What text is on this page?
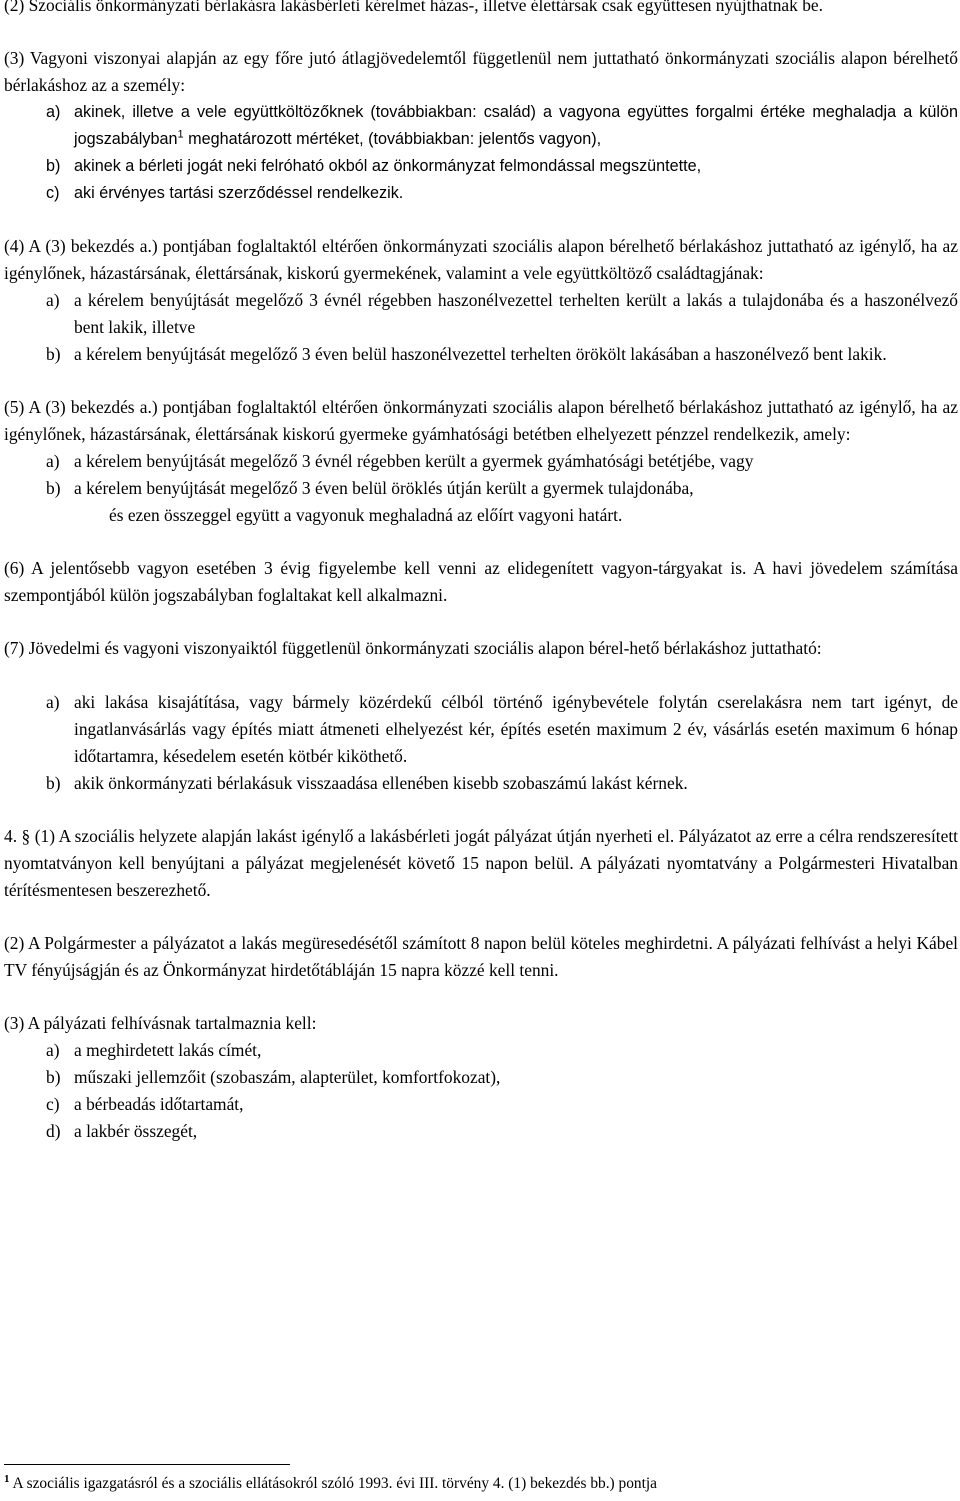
(2) Szociális önkormányzati bérlakásra lakásbérleti kérelmet házas-, illetve élettársak csak együttesen nyújthatnak be.

(3) Vagyoni viszonyai alapján az egy főre jutó átlagjövedelemtől függetlenül nem juttatható önkormányzati szociális alapon bérelhető bérlakáshoz az a személy:

a) akinek, illetve a vele együttköltözőknek (továbbiakban: család) a vagyona együttes forgalmi értéke meghaladja a külön jogszabályban$^1$ meghatározott mértéket, (továbbiakban: jelentős vagyon),
b) akinek a bérleti jogát neki felróható okból az önkormányzat felmondással megszüntette,
c) aki érvényes tartási szerződéssel rendelkezik.

(4) A (3) bekezdés a.) pontjában foglaltaktól eltérően önkormányzati szociális alapon bérelhető bérlakáshoz juttatható az igénylő, ha az igénylőnek, házastársának, élettársának, kiskorú gyermekének, valamint a vele együttköltöző családtagjának:

a) a kérelem benyújtását megelőző 3 évnél régebben haszonélvezettel terhelten került a lakás a tulajdonába és a haszonélvező bent lakik, illetve
b) a kérelem benyújtását megelőző 3 éven belül haszonélvezettel terhelten örökölt lakásában a haszonélvező bent lakik.

(5) A (3) bekezdés a.) pontjában foglaltaktól eltérően önkormányzati szociális alapon bérelhető bérlakáshoz juttatható az igénylő, ha az igénylőnek, házastársának, élettársának kiskorú gyermeke gyámhatósági betétben elhelyezett pénzzel rendelkezik, amely:

a) a kérelem benyújtását megelőző 3 évnél régebben került a gyermek gyámhatósági betétjébe, vagy
b) a kérelem benyújtását megelőző 3 éven belül öröklés útján került a gyermek tulajdonába,

és ezen összeggel együtt a vagyonuk meghaladná az előírt vagyoni határt.

(6) A jelentősebb vagyon esetében 3 évig figyelembe kell venni az elidegenített vagyon-tárgyakat is. A havi jövedelem számítása szempontjából külön jogszabályban foglaltakat kell alkalmazni.

(7) Jövedelmi és vagyoni viszonyaiktól függetlenül önkormányzati szociális alapon bérel-hető bérlakáshoz juttatható:

a) aki lakása kisajátítása, vagy bármely közérdekű célból történő igénybevétele folytán cserelakásra nem tart igényt, de ingatlanvásárlás vagy építés miatt átmeneti elhelyezést kér, építés esetén maximum 2 év, vásárlás esetén maximum 6 hónap időtartamra, késedelem esetén kötbér kiköthető.
b) akik önkormányzati bérlakásuk visszaadása ellenében kisebb szobaszámú lakást kérnek.

4. § (1) A szociális helyzete alapján lakást igénylő a lakásbérleti jogát pályázat útján nyerheti el. Pályázatot az erre a célra rendszeresített nyomtatványon kell benyújtani a pályázat megjelenését követő 15 napon belül. A pályázati nyomtatvány a Polgármesteri Hivatalban térítésmentesen beszerezhető.

(2) A Polgármester a pályázatot a lakás megüresedésétől számított 8 napon belül köteles meghirdetni. A pályázati felhívást a helyi Kábel TV fényújságján és az Önkormányzat hirdetőtábláján 15 napra közzé kell tenni.

(3) A pályázati felhívásnak tartalmaznia kell:

a) a meghirdetett lakás címét,
b) műszaki jellemzőit (szobaszám, alapterület, komfortfokozat),
c) a bérbeadás időtartamát,
d) a lakbér összegét,
$^1$ A szociális igazgatásról és a szociális ellátásokról szóló 1993. évi III. törvény 4. (1) bekezdés bb.) pontja
